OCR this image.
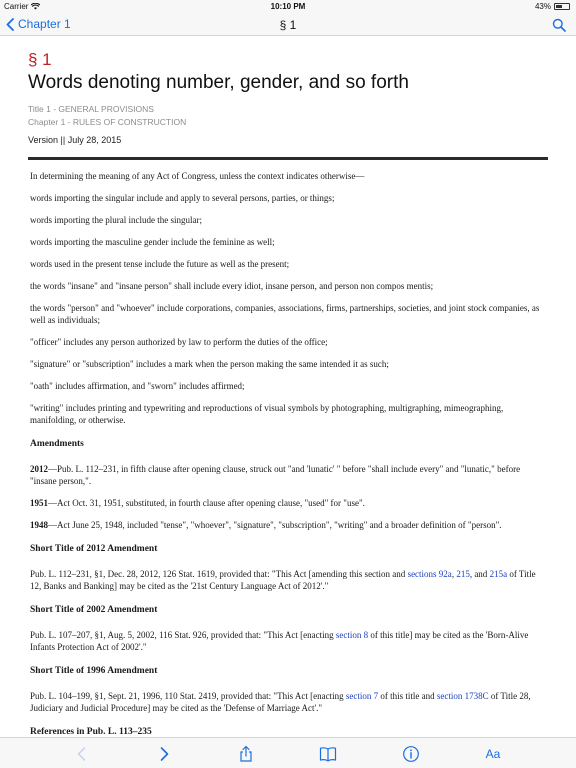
Carrier	10:10 PM	43%
Chapter 1	§ 1
§ 1
Words denoting number, gender, and so forth
Title 1 - GENERAL PROVISIONS
Chapter 1 - RULES OF CONSTRUCTION
Version || July 28, 2015

In determining the meaning of any Act of Congress, unless the context indicates otherwise—

words importing the singular include and apply to several persons, parties, or things;

words importing the plural include the singular;

words importing the masculine gender include the feminine as well;

words used in the present tense include the future as well as the present;

the words "insane" and "insane person" shall include every idiot, insane person, and person non compos mentis;

the words "person" and "whoever" include corporations, companies, associations, firms, partnerships, societies, and joint stock companies, as well as individuals;

"officer" includes any person authorized by law to perform the duties of the office;

"signature" or "subscription" includes a mark when the person making the same intended it as such;

"oath" includes affirmation, and "sworn" includes affirmed;

"writing" includes printing and typewriting and reproductions of visual symbols by photographing, multigraphing, mimeographing, manifolding, or otherwise.

Amendments

2012—Pub. L. 112–231, in fifth clause after opening clause, struck out "and 'lunatic' " before "shall include every" and "lunatic," before "insane person,".

1951—Act Oct. 31, 1951, substituted, in fourth clause after opening clause, "used" for "use".

1948—Act June 25, 1948, included "tense", "whoever", "signature", "subscription", "writing" and a broader definition of "person".

Short Title of 2012 Amendment

Pub. L. 112–231, §1, Dec. 28, 2012, 126 Stat. 1619, provided that: "This Act [amending this section and sections 92a, 215, and 215a of Title 12, Banks and Banking] may be cited as the '21st Century Language Act of 2012'."

Short Title of 2002 Amendment

Pub. L. 107–207, §1, Aug. 5, 2002, 116 Stat. 926, provided that: "This Act [enacting section 8 of this title] may be cited as the 'Born-Alive Infants Protection Act of 2002'."

Short Title of 1996 Amendment

Pub. L. 104–199, §1, Sept. 21, 1996, 110 Stat. 2419, provided that: "This Act [enacting section 7 of this title and section 1738C of Title 28, Judiciary and Judicial Procedure] may be cited as the 'Defense of Marriage Act'."

References in Pub. L. 113–235
Aa
